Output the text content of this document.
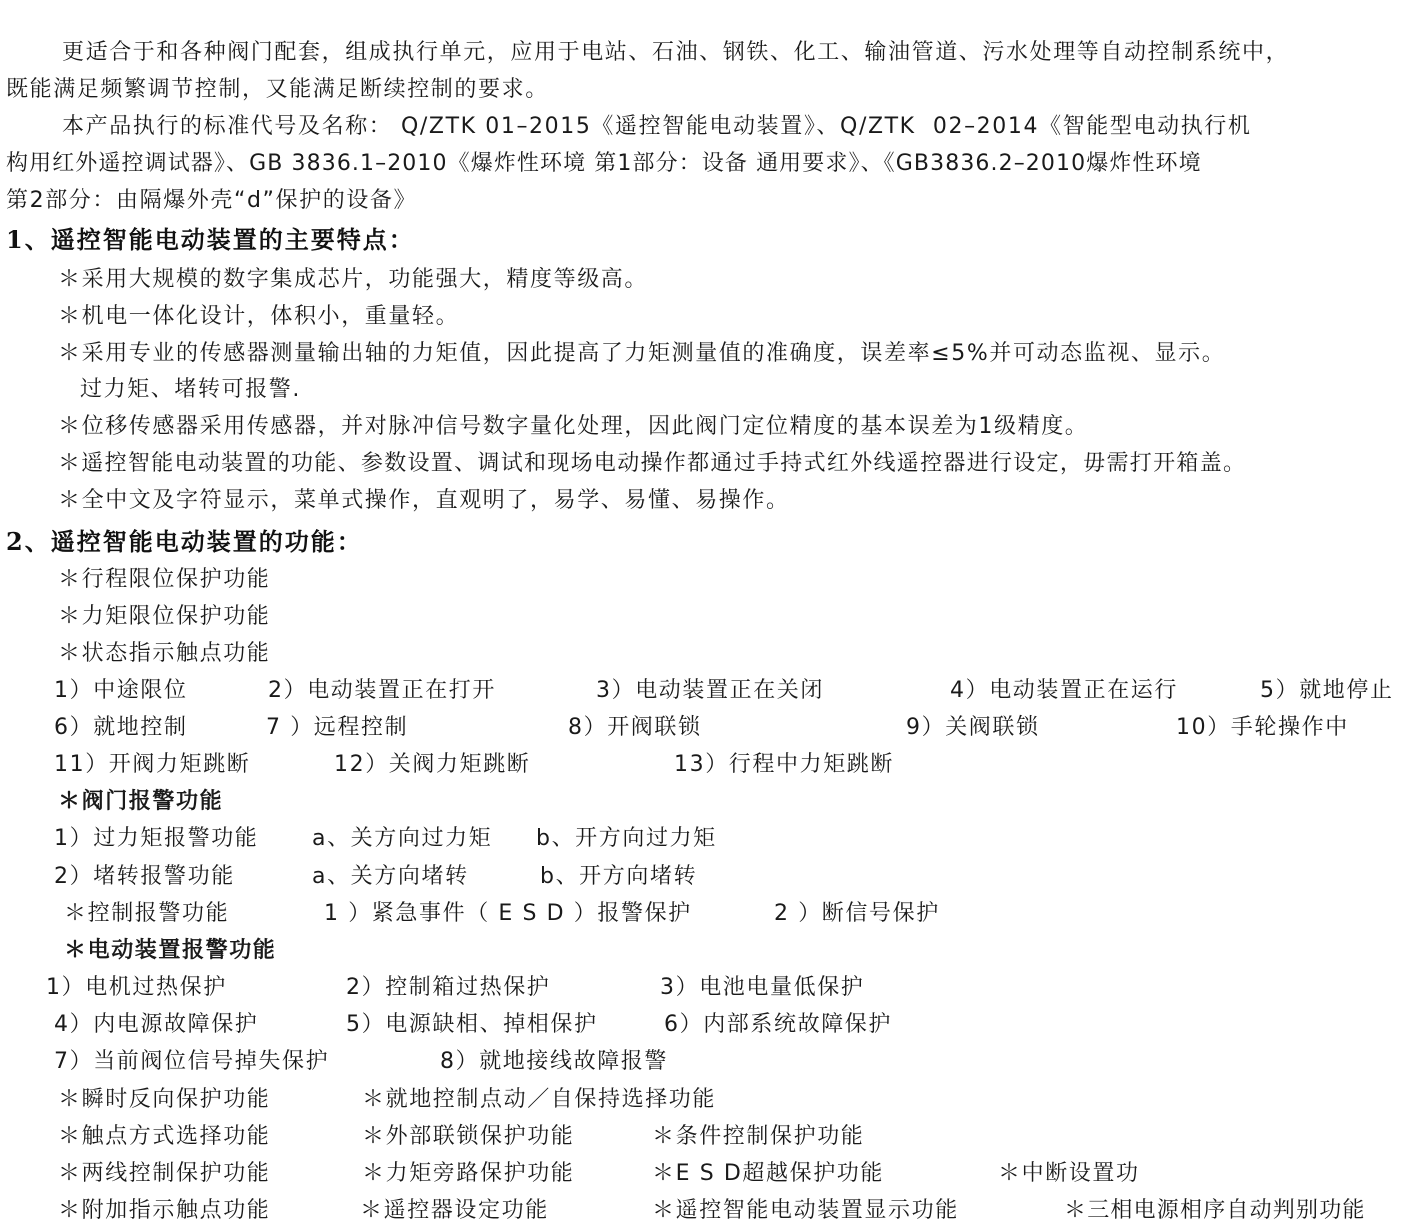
更适合于和各种阀门配套，组成执行单元，应用于电站、石油、钢铁、化工、输油管道、污水处理等自动控制系统中，
既能满足频繁调节控制，又能满足断续控制的要求。
本产品执行的标准代号及名称： Q/ZTK 01–2015《遥控智能电动装置》、Q/ZTK  02–2014《智能型电动执行机
构用红外遥控调试器》、GB 3836.1–2010《爆炸性环境 第1部分：设备 通用要求》、《GB3836.2–2010爆炸性环境
第2部分：由隔爆外壳“d”保护的设备》
1、遥控智能电动装置的主要特点：
＊采用大规模的数字集成芯片，功能强大，精度等级高。
＊机电一体化设计，体积小，重量轻。
＊采用专业的传感器测量输出轴的力矩值，因此提高了力矩测量值的准确度，误差率≤5%并可动态监视、显示。
过力矩、堵转可报警.
＊位移传感器采用传感器，并对脉冲信号数字量化处理，因此阀门定位精度的基本误差为1级精度。
＊遥控智能电动装置的功能、参数设置、调试和现场电动操作都通过手持式红外线遥控器进行设定，毋需打开箱盖。
＊全中文及字符显示，菜单式操作，直观明了，易学、易懂、易操作。
2、遥控智能电动装置的功能：
＊行程限位保护功能
＊力矩限位保护功能
＊状态指示触点功能
1）中途限位	2）电动装置正在打开	3）电动装置正在关闭	4）电动装置正在运行	5）就地停止
6）就地控制	7 ）远程控制	8）开阀联锁	9）关阀联锁	10）手轮操作中
11）开阀力矩跳断	12）关阀力矩跳断	13）行程中力矩跳断
＊阀门报警功能
1）过力矩报警功能 a、关方向过力矩 b、开方向过力矩
2）堵转报警功能	a、关方向堵转	b、开方向堵转
＊控制报警功能	1 ）紧急事件（ E S D ）报警保护	2 ）断信号保护
＊电动装置报警功能
1）电机过热保护	2）控制箱过热保护	3）电池电量低保护
4）内电源故障保护	5）电源缺相、掉相保护	6）内部系统故障保护
7）当前阀位信号掉失保护	8）就地接线故障报警
＊瞬时反向保护功能	＊就地控制点动／自保持选择功能
＊触点方式选择功能	＊外部联锁保护功能	＊条件控制保护功能
＊两线控制保护功能	＊力矩旁路保护功能	＊E S D超越保护功能	＊中断设置功
＊附加指示触点功能	＊遥控器设定功能	＊遥控智能电动装置显示功能	＊三相电源相序自动判别功能
